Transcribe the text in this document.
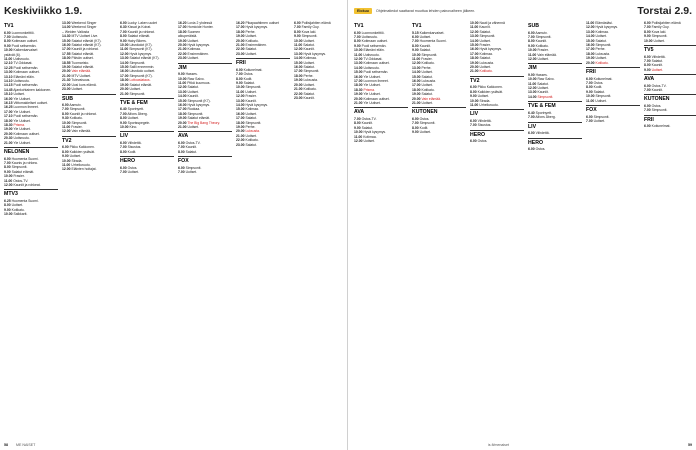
Keskiviikko 1.9.
TV1
6.00 Luonnonkeittiö.
7.00 Uutisruutu.
8.00 Kotimaan uutiset.
9.00 Puoli seitsemän.
10.00 Kaikenkarvaiset
ystävät (6).
11.00 Uutisruutu.
12.10 TV-Oddasat.
12.25 Puoli seitsemän.
13.00 Kotimaan uutiset.
13.10 Elämäni eläin.
14.10 Uutisruutu.
14.15 Puoli seitsemän.
14.45 Ajankohtainen kakkonen.
15.10 Uutiset.
16.00 Yle Uutiset.
16.15 Viittomakieliset uutiset.
16.25 Luonnon ihmeet.
17.00 Yle Uutiset.
17.10 Puoli seitsemän.
18.00 Yle Uutiset.
18.30 Prisma.
19.00 Yle Uutiset.
20.00 Kotimaan uutiset.
20.30 Uutisruutu.
21.00 Yle Uutiset.
NELONEN
6.00 Huomenta Suomi.
7.00 Kaunis ja rohkea.
8.00 Simpsonit.
9.00 Salatut elämät.
10.00 Frasier.
11.00 Ostos-TV.
12.00 Kauniit ja rohkeat.
MTV3
6.25 Huomenta Suomi.
8.00 Uutiset.
9.00 Kotikatu.
10.00 Salkkarit.
13.00 Weekend Singer
14.00 Weekend Singer
– Weiden Valiosta
14.30 MTV Uutiset Live.
15.00 Salatut elämät (K7).
16.00 Salatut elämät (K7).
17.00 Kauniit ja rohkeat.
17.55 Salatut elämät.
18.00 Päivän uutiset.
18.55 Tuomaristo.
19.00 Salatut elämät.
20.00 Vain elämää.
21.00 MTV Uutiset.
21.30 Tulevaisuus.
22.00 Uusi kurs elämä.
23.00 Uutiset.
SUB
6.00 Aamutv.
7.00 Simpsonit.
8.00 Kauniit ja rohkeat.
9.30 Kotikatu.
10.00 Simpsonit.
11.00 Frasier.
12.00 Vain elämää.
TV2
6.00 Pikku Kakkonen.
8.00 Kaikkien ystävät.
9.00 Uutiset.
10.00 Strada.
11.00 Urheiluruutu.
12.00 Eläinten hoitajat.
6.00 Lucky: Laken uudet
6.30 Kissat ja Koirat.
7.00 Kauniit ja rohkeat.
8.00 Salatut elämät.
9.00 Hairy Bikers.
10.00 Läsnäolot (K7).
11.00 Simpsonit (K7).
12.00 Hyvä kysymys.
13.00 Salatut elämät (K7).
14.00 Simpsonit.
15.00 Sallii ennemmin.
16.00 Läsnäolo uutiset.
17.00 Simpsonit (K7).
18.00 Lottoaslataus.
19.00 Salatut elämät.
20.00 Uutiset.
21.00 Simpsonit.
TVE & FEM
6.40 Sportnyett.
7.00 Alfons Åberg.
8.00 Uutiset.
9.00 Sportsspegeln.
10.00 Kino.
LIV
6.00 Viihdettä.
7.00 Sisustus.
8.00 Kodit.
HERO
6.00 Ostos.
7.00 Uutiset.
16.20 Lovia 2 yhdessä
17.00 Homicide Hunter.
18.00 Suomen
alkuperäistä.
19.00 Uutiset.
20.00 Hyvä kysymys.
21.00 Kotimaa.
22.00 Ensimmäinen.
23.00 Uutiset.
JIM
9.00 Hasses.
10.00 Raw Salvo.
11.00 Pitkä kuumuus.
12.00 Salatut.
13.00 Uutiset.
14.00 Kauniit.
15.00 Simpsonit (K7).
16.00 Hyvä kysymys.
17.00 Ruokaa.
18.00 Simpsonit.
19.00 Salatut elämät.
20.00 The Big Bang Theory.
21.00 Uutiset.
AVA
6.00 Ostos-TV.
7.00 Kauniit.
8.00 Salatut.
FOX
6.00 Simpsonit.
7.00 Uutiset.
16.20 Pikapaahtimen uutiset
17.00 Hyvä kysymys.
18.00 Perhe.
19.00 Uutiset.
20.00 Kotikatu.
21.00 Ensimmäinen.
22.00 Salatut.
23.00 Uutiset.
FRII
6.00 Kotiunelmat.
7.00 Ostos.
8.00 Kodit.
9.00 Salatut.
10.00 Simpsonit.
11.00 Uutiset.
12.00 Frasier.
13.00 Kauniit.
14.00 Hyvä kysymys.
15.00 Kotimaa.
16.00 Uutiset.
17.00 Salatut.
18.00 Simpsonit.
19.00 Perhe.
20.00 Luksusta.
21.00 Uutiset.
22.00 Kotikatu.
23.00 Salatut.
6.00 Poliisijahtien elämä
7.00 Family Guy.
8.00 Kova laki.
9.00 Simpsonit.
10.00 Uutiset.
11.00 Salatut.
12.00 Kauniit.
13.00 Hyvä kysymys.
14.00 Kotimaa.
15.00 Uutiset.
16.00 Salatut.
17.00 Simpsonit.
18.00 Perhe.
19.00 Luksusta.
20.00 Uutiset.
21.00 Kotikatu.
22.00 Salatut.
23.00 Kauniit.
58 ME NAISET
Elokuu	Ohjelmatiedot saattavat muuttua lehden painovaiheen jälkeen.	Torstai 2.9.
TV1
6.00 Luonnonkeittiö.
7.00 Uutisruutu.
8.00 Kotimaan uutiset.
9.00 Puoli seitsemän.
10.00 Elämäni eläin.
11.00 Uutisruutu.
12.00 TV-Oddasat.
13.00 Kotimaan uutiset.
14.00 Uutisruutu.
15.00 Puoli seitsemän.
16.00 Yle Uutiset.
17.00 Luonnon ihmeet.
18.00 Yle Uutiset.
18.30 Prisma.
19.00 Yle Uutiset.
20.00 Kotimaan uutiset.
21.00 Yle Uutiset.
AVA
7.00 Ostos-TV.
8.00 Kauniit.
9.00 Salatut.
10.00 Hyvä kysymys.
11.00 Kotimaa.
12.00 Uutiset.
TV1
5.15 Kaikenkarvaiset.
6.00 Uutiset.
7.00 Huomenta Suomi.
8.00 Kauniit.
9.00 Salatut.
10.00 Simpsonit.
11.00 Frasier.
12.00 Kotikatu.
13.00 Perhe.
14.00 Uutiset.
15.00 Salatut.
16.00 Luksusta.
17.00 Uutiset.
18.00 Kotikatu.
19.00 Salatut.
20.00 Vain elämää.
21.00 Uutiset.
KUTONEN
6.00 Ostos.
7.00 Simpsonit.
8.00 Kodit.
9.00 Uutiset.
10.00 Nauti ja vähennä
11.00 Kauniit.
12.00 Salatut.
13.00 Simpsonit.
14.00 Uutiset.
15.00 Frasier.
16.00 Hyvä kysymys.
17.00 Kotimaa.
18.00 Salatut.
19.00 Luksusta.
20.00 Uutiset.
21.00 Kotikatu.
TV2
6.00 Pikku Kakkonen.
8.00 Kaikkien ystävät.
9.00 Uutiset.
10.00 Strada.
11.00 Urheiluruutu.
LIV
6.00 Viihdettä.
7.00 Sisustus.
HERO
6.00 Ostos.
SUB
6.00 Aamutv.
7.00 Simpsonit.
8.00 Kauniit.
9.00 Kotikatu.
10.00 Frasier.
11.00 Vain elämää.
12.00 Uutiset.
JIM
9.00 Hasses.
10.00 Raw Salvo.
11.00 Salatut.
12.00 Uutiset.
13.00 Kauniit.
14.00 Simpsonit.
TVE & FEM
6.40 Sportnyett.
7.00 Alfons Åberg.
LIV
6.00 Viihdettä.
HERO
6.00 Ostos.
11.00 Elämästäsi.
12.00 Hyvä kysymys.
13.00 Kotimaa.
14.00 Uutiset.
15.00 Salatut.
16.00 Simpsonit.
17.00 Perhe.
18.00 Luksusta.
19.00 Uutiset.
20.00 Kotikatu.
FRII
6.00 Kotiunelmat.
7.00 Ostos.
8.00 Kodit.
9.00 Salatut.
10.00 Simpsonit.
11.00 Uutiset.
FOX
6.00 Simpsonit.
7.00 Uutiset.
6.00 Poliisijahtien elämä
7.00 Family Guy.
8.00 Kova laki.
9.00 Simpsonit.
10.00 Uutiset.
TV5
6.00 Viihdettä.
7.00 Salatut.
8.00 Kauniit.
9.00 Uutiset.
AVA
6.00 Ostos-TV.
7.00 Kauniit.
KUTONEN
6.00 Ostos.
7.00 Simpsonit.
FRII
6.00 Kotiunelmat.
is.fi/menaiset	59
